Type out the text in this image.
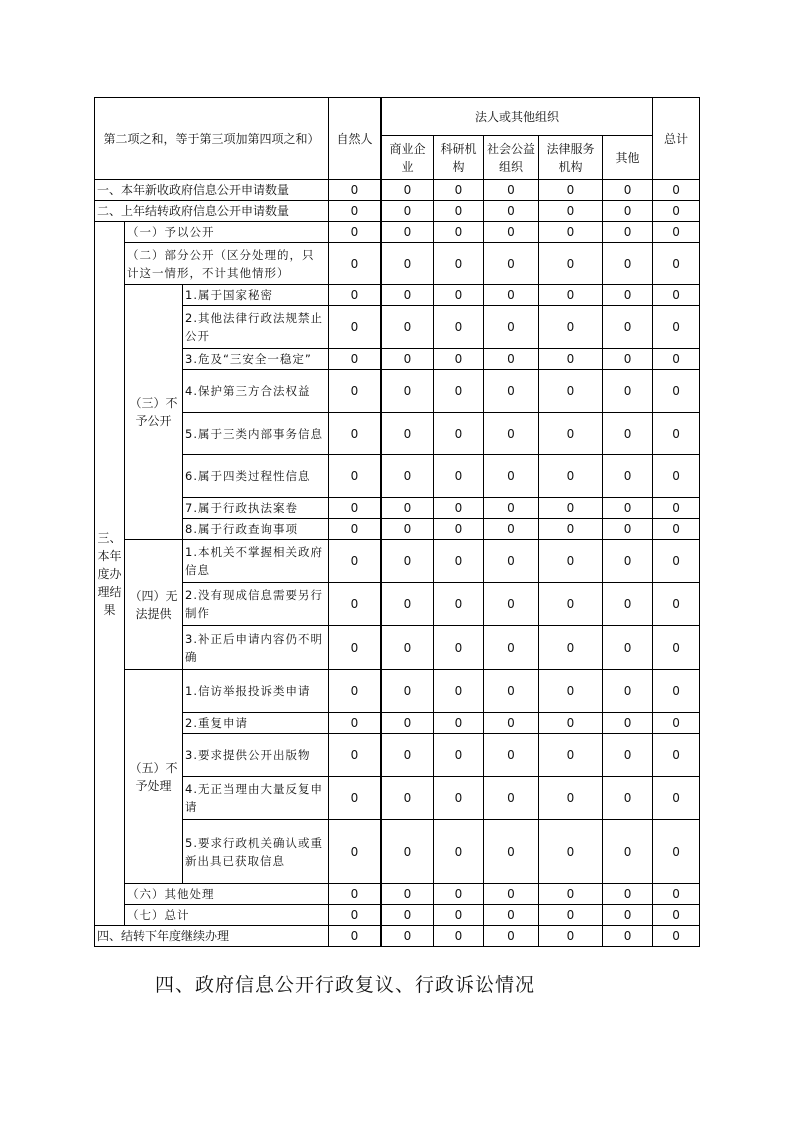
第二项之和，等于第三项加第四项之和）			自然人		法人或其他组织					总计
				商业企业	科研机构	社会公益组织	法律服务机构	其他	
一、本年新收政府信息公开申请数量			0		0	0	0	0	0	0
二、上年结转政府信息公开申请数量			0		0	0	0	0	0	0
三、本年度办理结果	（一）予以公开		0		0	0	0	0	0	0
	（二）部分公开（区分处理的，只计这一情形，不计其他情形）		0		0	0	0	0	0	0
	（三）不予公开	1.属于国家秘密	0		0	0	0	0	0	0
		2.其他法律行政法规禁止公开	0		0	0	0	0	0	0
		3.危及“三安全一稳定”	0		0	0	0	0	0	0
		4.保护第三方合法权益	0		0	0	0	0	0	0
		5.属于三类内部事务信息	0		0	0	0	0	0	0
		6.属于四类过程性信息	0		0	0	0	0	0	0
		7.属于行政执法案卷	0		0	0	0	0	0	0
		8.属于行政查询事项	0		0	0	0	0	0	0
	（四）无法提供	1.本机关不掌握相关政府信息	0		0	0	0	0	0	0
		2.没有现成信息需要另行制作	0		0	0	0	0	0	0
		3.补正后申请内容仍不明确	0		0	0	0	0	0	0
	（五）不予处理	1.信访举报投诉类申请	0		0	0	0	0	0	0
		2.重复申请	0		0	0	0	0	0	0
		3.要求提供公开出版物	0		0	0	0	0	0	0
		4.无正当理由大量反复申请	0		0	0	0	0	0	0
		5.要求行政机关确认或重新出具已获取信息	0		0	0	0	0	0	0
	（六）其他处理		0		0	0	0	0	0	0
	（七）总计		0		0	0	0	0	0	0
四、结转下年度继续办理			0		0	0	0	0	0	0
四、政府信息公开行政复议、行政诉讼情况
